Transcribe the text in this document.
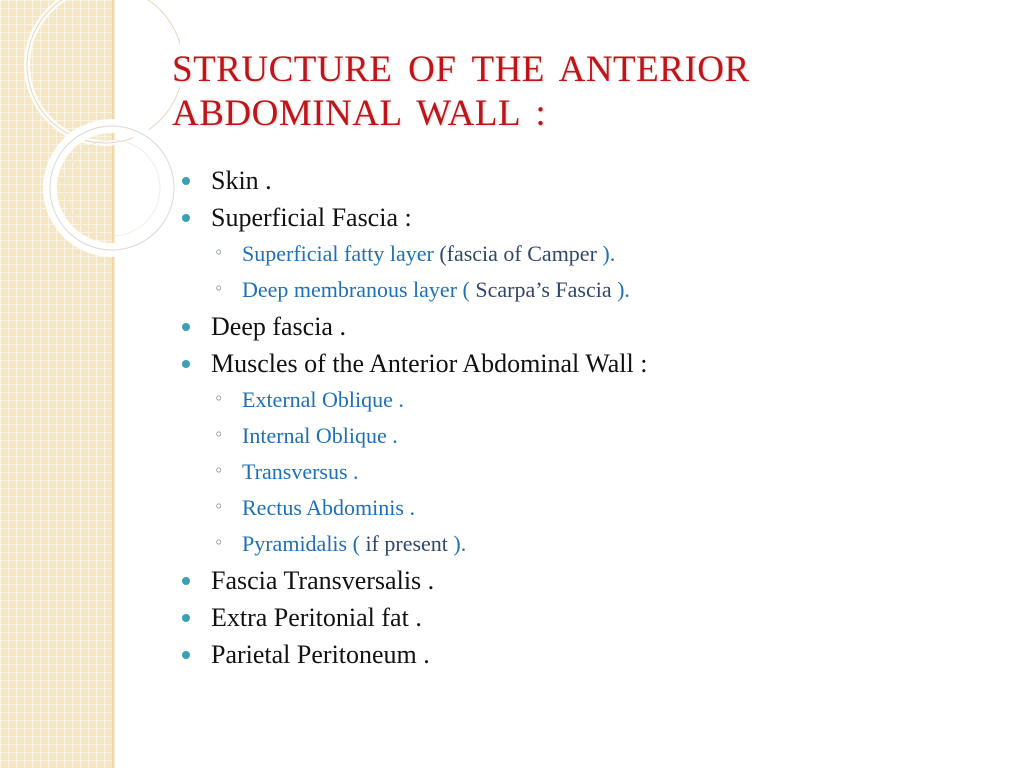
STRUCTURE OF THE ANTERIOR
ABDOMINAL WALL :

Skin .

Superficial Fascia :

◦ Superficial fatty layer (fascia of Camper ).

◦ Deep membranous layer ( Scarpa’s Fascia ).

Deep fascia .

Muscles of the Anterior Abdominal Wall :

◦ External Oblique .

◦ Internal Oblique .

◦ Transversus .

◦ Rectus Abdominis .

◦ Pyramidalis ( if present ).

Fascia Transversalis .

Extra Peritonial fat .

Parietal Peritoneum .
